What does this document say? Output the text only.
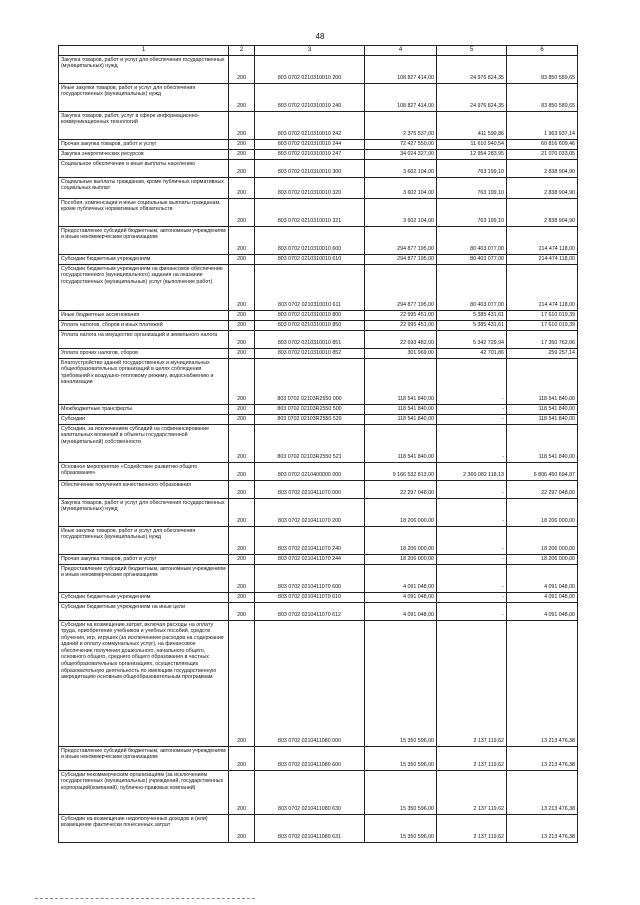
48
1	2	3	4	5	6
Закупка товаров, работ и услуг для обеспечения государственных (муниципальных) нужд	200	803 0702 0210310010 200	108 827 414,00	24 976 824,35	83 850 589,65
Иные закупки товаров, работ и услуг для обеспечения государственных (муниципальных) нужд	200	803 0702 0210310010 240	108 827 414,00	24 976 824,35	83 850 589,65
Закупка товаров, работ, услуг в сфере информационно-коммуникационных технологий	200	803 0702 0210310010 242	2 375 537,00	411 599,86	1 963 937,14
Прочая закупка товаров, работ и услуг	200	803 0702 0210310010 244	72 427 550,00	11 610 940,54	60 816 609,46
Закупка энергетических ресурсов	200	803 0702 0210310010 247	34 024 327,00	12 954 283,95	21 070 033,05
Социальное обеспечение и иные выплаты населению	200	803 0702 0210310010 300	3 602 104,00	763 199,10	2 838 904,90
Социальные выплаты гражданам, кроме публичных нормативных социальных выплат	200	803 0702 0210310010 320	3 602 104,00	763 199,10	2 838 904,90
Пособия, компенсации и иные социальные выплаты гражданам, кроме публичных нормативных обязательств	200	803 0702 0210310010 321	3 602 104,00	763 199,10	2 838 904,90
Предоставление субсидий бюджетным, автономным учреждениям и иным некоммерческим организациям	200	803 0702 0210310010 600	294 877 195,00	80 403 077,00	214 474 118,00
Субсидии бюджетным учреждениям	200	803 0702 0210310010 610	294 877 195,00	80 403 077,00	214 474 118,00
Субсидии бюджетным учреждениям на финансовое обеспечение государственного (муниципального) задания на оказание государственных (муниципальных) услуг (выполнение работ)	200	803 0702 0210310010 611	294 877 195,00	80 403 077,00	214 474 118,00
Иные бюджетные ассигнования	200	803 0702 0210310010 800	22 995 451,00	5 385 431,61	17 610 019,39
Уплата налогов, сборов и иных платежей	200	803 0702 0210310010 850	22 995 451,00	5 385 431,61	17 610 019,39
Уплата налога на имущество организаций и земельного налога	200	803 0702 0210310010 851	22 693 482,00	5 342 729,94	17 350 762,06
Уплата прочих налогов, сборов	200	803 0702 0210310010 852	301 969,00	42 701,86	259 257,14
Благоустройство зданий государственных и муниципальных общеобразовательных организаций в целях соблюдения требований к воздушно-тепловому режиму, водоснабжению и канализации	200	803 0702 02103R2550 000	118 541 840,00	-	118 541 840,00
Межбюджетные трансферты	200	803 0702 02103R2550 500	118 541 840,00	-	118 541 840,00
Субсидии	200	803 0702 02103R2550 520	118 541 840,00	-	118 541 840,00
Субсидии, за исключением субсидий на софинансирование капитальных вложений в объекты государственной (муниципальной) собственности	200	803 0702 02103R2550 521	118 541 840,00	-	118 541 840,00
Основное мероприятие «Содействие развитию общего образования»	200	803 0702 0210400000 000	9 166 532 813,00	2 360 082 118,13	6 806 450 694,87
Обеспечение получения качественного образования	200	803 0702 0210411070 000	22 297 048,00	-	22 297 048,00
Закупка товаров, работ и услуг для обеспечения государственных (муниципальных) нужд	200	803 0702 0210411070 200	18 206 000,00	-	18 206 000,00
Иные закупки товаров, работ и услуг для обеспечения государственных (муниципальных) нужд	200	803 0702 0210411070 240	18 206 000,00	-	18 206 000,00
Прочая закупка товаров, работ и услуг	200	803 0702 0210411070 244	18 206 000,00	-	18 206 000,00
Предоставление субсидий бюджетным, автономным учреждениям и иным некоммерческим организациям	200	803 0702 0210411070 600	4 091 048,00	-	4 091 048,00
Субсидии бюджетным учреждениям	200	803 0702 0210411070 610	4 091 048,00	-	4 091 048,00
Субсидии бюджетным учреждениям на иные цели	200	803 0702 0210411070 612	4 091 048,00	-	4 091 048,00
Субсидии на возмещение затрат, включая расходы на оплату труда, приобретение учебников и учебных пособий, средств обучения, игр, игрушек (за исключением расходов на содержание зданий и оплату коммунальных услуг), на финансовое обеспечение получения дошкольного, начального общего, основного общего, среднего общего образования в частных общеобразовательных организациях, осуществляющих образовательную деятельность по имеющим государственную аккредитацию основным общеобразовательным программам	200	803 0702 0210411080 000	15 350 596,00	2 137 119,62	13 213 476,38
Предоставление субсидий бюджетным, автономным учреждениям и иным некоммерческим организациям	200	803 0702 0210411080 600	15 350 596,00	2 137 119,62	13 213 476,38
Субсидии некоммерческим организациям (за исключением государственных (муниципальных) учреждений, государственных корпораций(компаний), публично-правовых компаний)	200	803 0702 0210411080 630	15 350 596,00	2 137 119,62	13 213 476,38
Субсидии на возмещение недополученных доходов и (или) возмещение фактически понесенных затрат	200	803 0702 0210411080 631	15 350 596,00	2 137 119,62	13 213 476,38
